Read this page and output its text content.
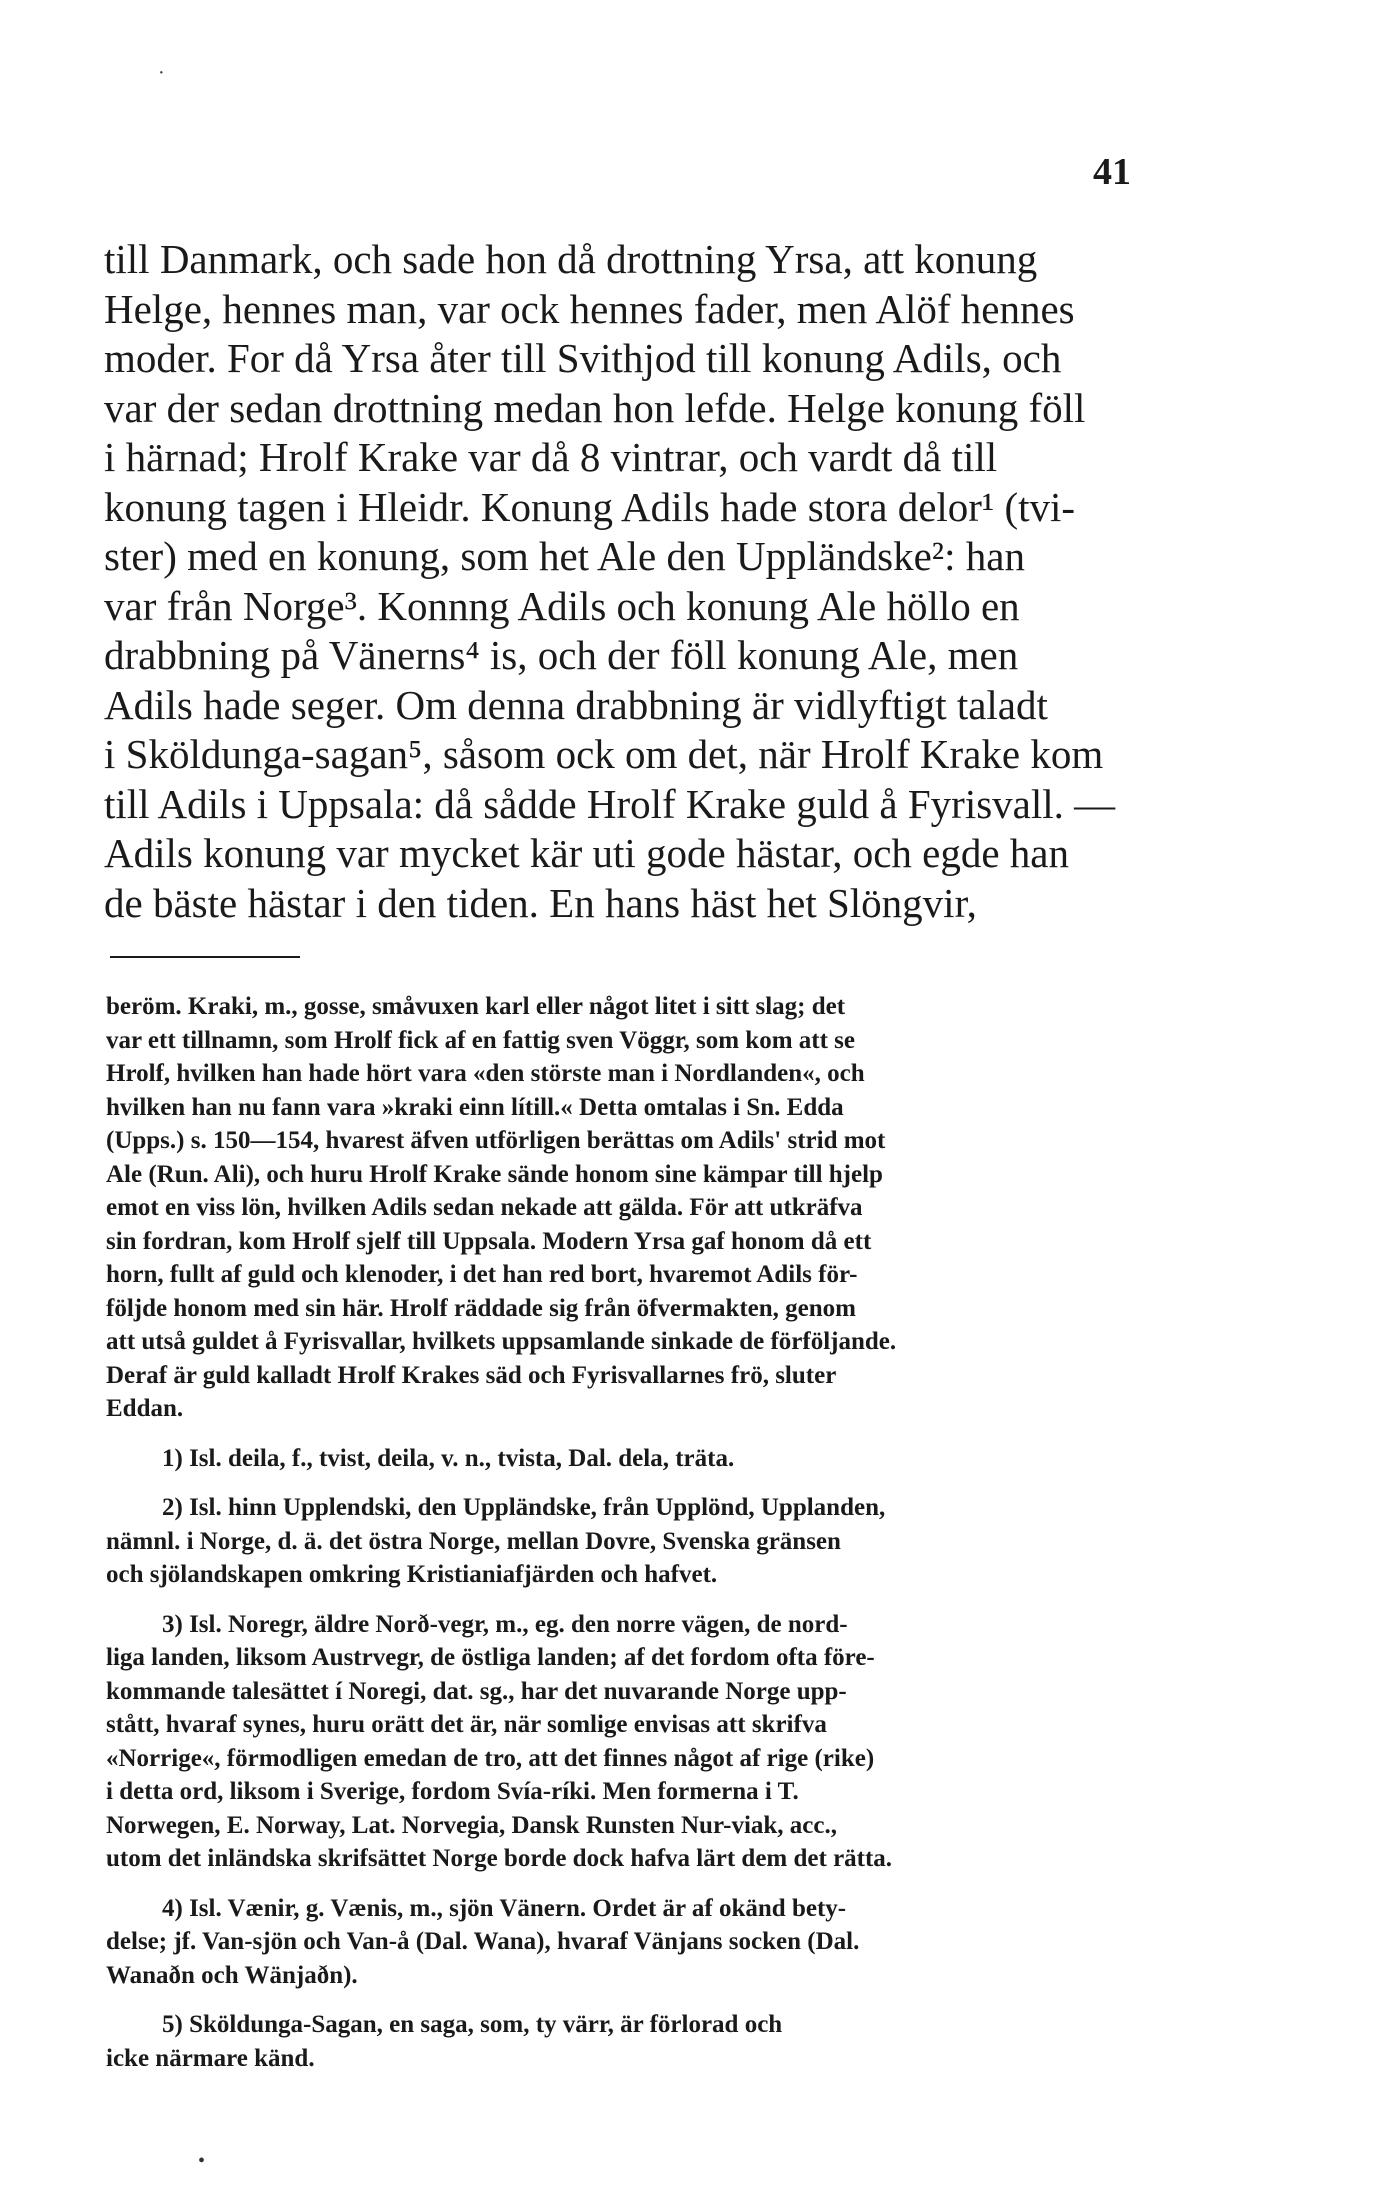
41

till Danmark, och sade hon då drottning Yrsa, att konung
Helge, hennes man, var ock hennes fader, men Alöf hennes
moder. For då Yrsa åter till Svithjod till konung Adils, och
var der sedan drottning medan hon lefde. Helge konung föll
i härnad; Hrolf Krake var då 8 vintrar, och vardt då till
konung tagen i Hleidr. Konung Adils hade stora delor¹ (tvi-
ster) med en konung, som het Ale den Uppländske²: han
var från Norge³. Konnng Adils och konung Ale höllo en
drabbning på Vänerns⁴ is, och der föll konung Ale, men
Adils hade seger. Om denna drabbning är vidlyftigt taladt
i Sköldunga-sagan⁵, såsom ock om det, när Hrolf Krake kom
till Adils i Uppsala: då sådde Hrolf Krake guld å Fyrisvall. —
Adils konung var mycket kär uti gode hästar, och egde han
de bäste hästar i den tiden. En hans häst het Slöngvir,

beröm. Kraki, m., gosse, småvuxen karl eller något litet i sitt slag; det
var ett tillnamn, som Hrolf fick af en fattig sven Vöggr, som kom att se
Hrolf, hvilken han hade hört vara «den störste man i Nordlanden«, och
hvilken han nu fann vara »kraki einn lítill.« Detta omtalas i Sn. Edda
(Upps.) s. 150—154, hvarest äfven utförligen berättas om Adils' strid mot
Ale (Run. Ali), och huru Hrolf Krake sände honom sine kämpar till hjelp
emot en viss lön, hvilken Adils sedan nekade att gälda. För att utkräfva
sin fordran, kom Hrolf sjelf till Uppsala. Modern Yrsa gaf honom då ett
horn, fullt af guld och klenoder, i det han red bort, hvaremot Adils för-
följde honom med sin här. Hrolf räddade sig från öfvermakten, genom
att utså guldet å Fyrisvallar, hvilkets uppsamlande sinkade de förföljande.
Deraf är guld kalladt Hrolf Krakes säd och Fyrisvallarnes frö, sluter
Eddan.
1) Isl. deila, f., tvist, deila, v. n., tvista, Dal. dela, träta.
2) Isl. hinn Upplendski, den Uppländske, från Upplönd, Upplanden,
nämnl. i Norge, d. ä. det östra Norge, mellan Dovre, Svenska gränsen
och sjölandskapen omkring Kristianiafjärden och hafvet.
3) Isl. Noregr, äldre Norð-vegr, m., eg. den norre vägen, de nord-
liga landen, liksom Austrvegr, de östliga landen; af det fordom ofta före-
kommande talesättet í Noregi, dat. sg., har det nuvarande Norge upp-
stått, hvaraf synes, huru orätt det är, när somlige envisas att skrifva
«Norrige«, förmodligen emedan de tro, att det finnes något af rige (rike)
i detta ord, liksom i Sverige, fordom Svía-ríki. Men formerna i T.
Norwegen, E. Norway, Lat. Norvegia, Dansk Runsten Nur-viak, acc.,
utom det inländska skrifsättet Norge borde dock hafva lärt dem det rätta.
4) Isl. Vænir, g. Vænis, m., sjön Vänern. Ordet är af okänd bety-
delse; jf. Van-sjön och Van-å (Dal. Wana), hvaraf Vänjans socken (Dal.
Wanaðn och Wänjaðn).
5) Sköldunga-Sagan, en saga, som, ty värr, är förlorad och
icke närmare känd.
·
•
